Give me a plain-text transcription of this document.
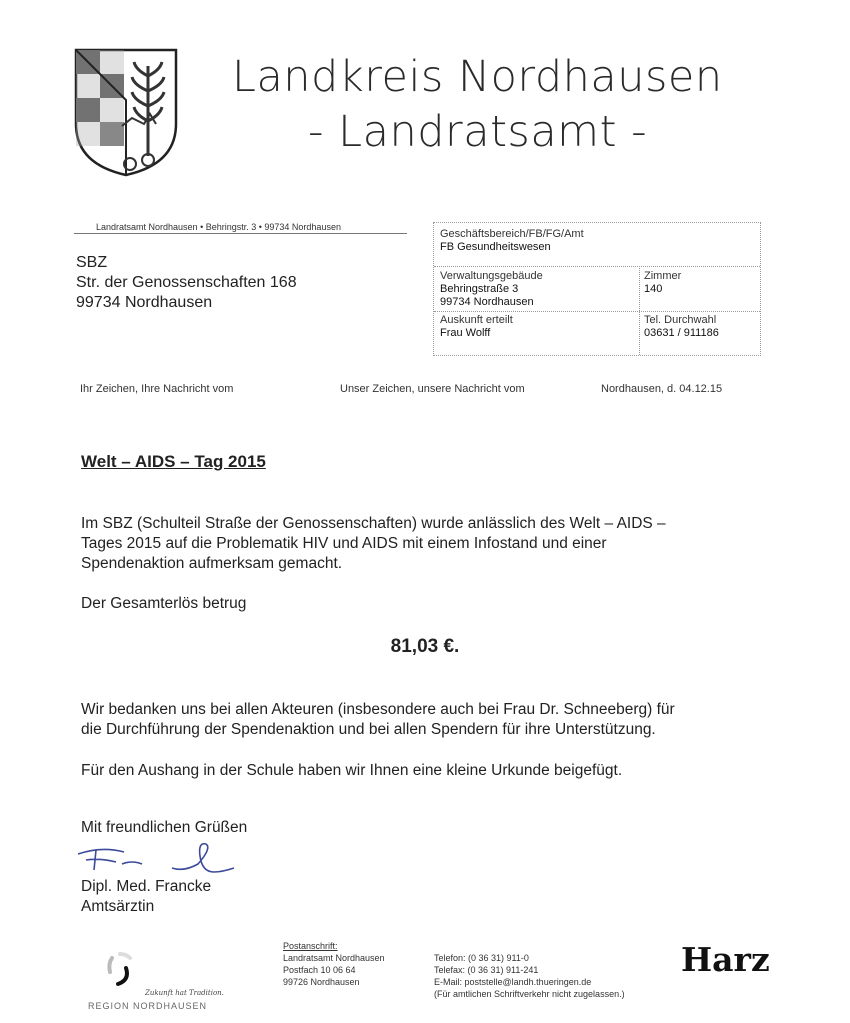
Landkreis Nordhausen
- Landratsamt -
Landratsamt Nordhausen • Behringstr. 3 • 99734 Nordhausen
SBZ
Str. der Genossenschaften 168
99734 Nordhausen
Geschäftsbereich/FB/FG/Amt
FB Gesundheitswesen
Verwaltungsgebäude
Behringstraße 3
99734 Nordhausen
Zimmer
140
Auskunft erteilt
Frau Wolff
Tel. Durchwahl
03631 / 911186
Ihr Zeichen, Ihre Nachricht vom	Unser Zeichen, unsere Nachricht vom	Nordhausen, d. 04.12.15
Welt – AIDS – Tag 2015
Im SBZ (Schulteil Straße der Genossenschaften) wurde anlässlich des Welt – AIDS –
Tages 2015 auf die Problematik HIV und AIDS mit einem Infostand und einer
Spendenaktion aufmerksam gemacht.
Der Gesamterlös betrug
81,03 €.
Wir bedanken uns bei allen Akteuren (insbesondere auch bei Frau Dr. Schneeberg) für
die Durchführung der Spendenaktion und bei allen Spendern für ihre Unterstützung.
Für den Aushang in der Schule haben wir Ihnen eine kleine Urkunde beigefügt.
Mit freundlichen Grüßen
Dipl. Med. Francke
Amtsärztin
Zukunft hat Tradition.
REGION NORDHAUSEN
Postanschrift:
Landratsamt Nordhausen
Postfach 10 06 64
99726 Nordhausen
Telefon: (0 36 31) 911-0
Telefax: (0 36 31) 911-241
E-Mail: poststelle@landh.thueringen.de
(Für amtlichen Schriftverkehr nicht zugelassen.)
Harz
